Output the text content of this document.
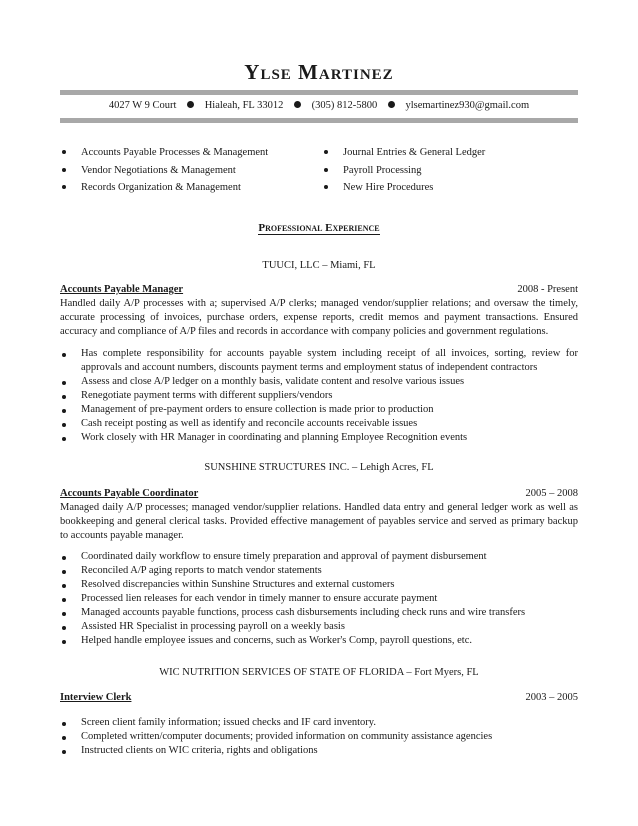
Ylse Martinez
4027 W 9 Court	Hialeah, FL 33012	(305) 812-5800	ylsemartinez930@gmail.com
Accounts Payable Processes & Management
Vendor Negotiations & Management
Records Organization & Management
Journal Entries & General Ledger
Payroll Processing
New Hire Procedures
Professional Experience
TUUCI, LLC – Miami, FL
Accounts Payable Manager	2008 - Present
Handled daily A/P processes with a; supervised A/P clerks; managed vendor/supplier relations; and oversaw the timely, accurate processing of invoices, purchase orders, expense reports, credit memos and payment transactions. Ensured accuracy and compliance of A/P files and records in accordance with company policies and government regulations.
Has complete responsibility for accounts payable system including receipt of all invoices, sorting, review for approvals and account numbers, discounts payment terms and employment status of independent contractors
Assess and close A/P ledger on a monthly basis, validate content and resolve various issues
Renegotiate payment terms with different suppliers/vendors
Management of pre-payment orders to ensure collection is made prior to production
Cash receipt posting as well as identify and reconcile accounts receivable issues
Work closely with HR Manager in coordinating and planning Employee Recognition events
SUNSHINE STRUCTURES INC. – Lehigh Acres, FL
Accounts Payable Coordinator	2005 – 2008
Managed daily A/P processes; managed vendor/supplier relations. Handled data entry and general ledger work as well as bookkeeping and general clerical tasks. Provided effective management of payables service and served as primary backup to accounts payable manager.
Coordinated daily workflow to ensure timely preparation and approval of payment disbursement
Reconciled A/P aging reports to match vendor statements
Resolved discrepancies within Sunshine Structures and external customers
Processed lien releases for each vendor in timely manner to ensure accurate payment
Managed accounts payable functions, process cash disbursements including check runs and wire transfers
Assisted HR Specialist in processing payroll on a weekly basis
Helped handle employee issues and concerns, such as Worker's Comp, payroll questions, etc.
WIC NUTRITION SERVICES OF STATE OF FLORIDA – Fort Myers, FL
Interview Clerk	2003 – 2005
Screen client family information; issued checks and IF card inventory.
Completed written/computer documents; provided information on community assistance agencies
Instructed clients on WIC criteria, rights and obligations
